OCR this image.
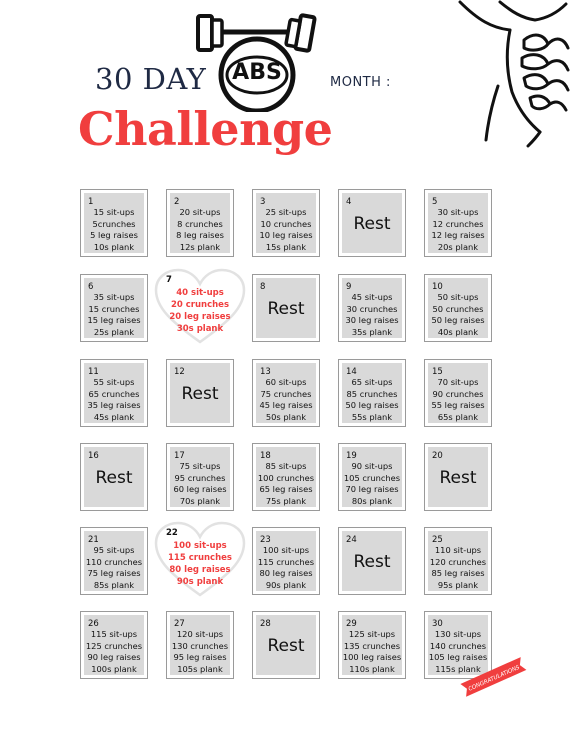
30 DAY	ABS
Challenge
MONTH :
1
15 sit-ups
5crunches
5 leg raises
10s plank
2
20 sit-ups
8 crunches
8 leg raises
12s plank
3
25 sit-ups
10 crunches
10 leg raises
15s plank
4
Rest
5
30 sit-ups
12 crunches
12 leg raises
20s plank
6
35 sit-ups
15 crunches
15 leg raises
25s plank
7
40 sit-ups
20 crunches
20 leg raises
30s plank
8
Rest
9
45 sit-ups
30 crunches
30 leg raises
35s plank
10
50 sit-ups
50 crunches
50 leg raises
40s plank
11
55 sit-ups
65 crunches
35 leg raises
45s plank
12
Rest
13
60 sit-ups
75 crunches
45 leg raises
50s plank
14
65 sit-ups
85 crunches
50 leg raises
55s plank
15
70 sit-ups
90 crunches
55 leg raises
65s plank
16
Rest
17
75 sit-ups
95 crunches
60 leg raises
70s plank
18
85 sit-ups
100 crunches
65 leg raises
75s plank
19
90 sit-ups
105 crunches
70 leg raises
80s plank
20
Rest
21
95 sit-ups
110 crunches
75 leg raises
85s plank
22
100 sit-ups
115 crunches
80 leg raises
90s plank
23
100 sit-ups
115 crunches
80 leg raises
90s plank
24
Rest
25
110 sit-ups
120 crunches
85 leg raises
95s plank
26
115 sit-ups
125 crunches
90 leg raises
100s plank
27
120 sit-ups
130 crunches
95 leg raises
105s plank
28
Rest
29
125 sit-ups
135 crunches
100 leg raises
110s plank
30
130 sit-ups
140 crunches
105 leg raises
115s plank
CONGRATULATIONS
